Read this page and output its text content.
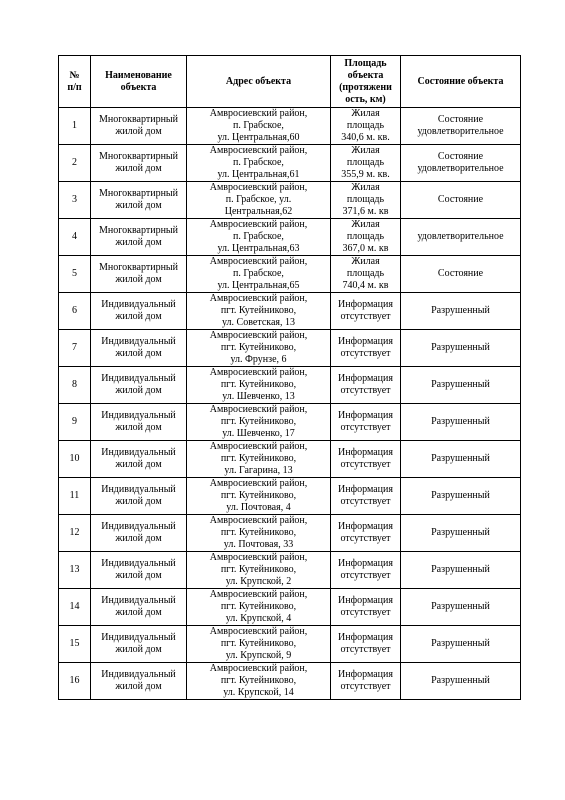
№
п/п	Наименование
объекта	Адрес объекта	Площадь
объекта
(протяжени
ость, км)	Состояние объекта

1	Многоквартирный
жилой дом	Амвросиевский район,
п. Грабское,
ул. Центральная,60	Жилая
площадь
340,6 м. кв.	Состояние
удовлетворительное

2	Многоквартирный
жилой дом	Амвросиевский район,
п. Грабское,
ул. Центральная,61	Жилая
площадь
355,9 м. кв.	Состояние
удовлетворительное

3	Многоквартирный
жилой дом	Амвросиевский район,
п. Грабское, ул.
Центральная,62	Жилая
площадь
371,6 м. кв	Состояние

4	Многоквартирный
жилой дом	Амвросиевский район,
п. Грабское,
ул. Центральная,63	Жилая
площадь
367,0 м. кв	удовлетворительное

5	Многоквартирный
жилой дом	Амвросиевский район,
п. Грабское,
ул. Центральная,65	Жилая
площадь
740,4 м. кв	Состояние

6	Индивидуальный
жилой дом	Амвросиевский район,
пгт. Кутейниково,
ул. Советская, 13	Информация
отсутствует	Разрушенный

7	Индивидуальный
жилой дом	Амвросиевский район,
пгт. Кутейниково,
ул. Фрунзе, 6	Информация
отсутствует	Разрушенный

8	Индивидуальный
жилой дом	Амвросиевский район,
пгт. Кутейниково,
ул. Шевченко, 13	Информация
отсутствует	Разрушенный

9	Индивидуальный
жилой дом	Амвросиевский район,
пгт. Кутейниково,
ул. Шевченко, 17	Информация
отсутствует	Разрушенный

10	Индивидуальный
жилой дом	Амвросиевский район,
пгт. Кутейниково,
ул. Гагарина, 13	Информация
отсутствует	Разрушенный

11	Индивидуальный
жилой дом	Амвросиевский район,
пгт. Кутейниково,
ул. Почтовая, 4	Информация
отсутствует	Разрушенный

12	Индивидуальный
жилой дом	Амвросиевский район,
пгт. Кутейниково,
ул. Почтовая, 33	Информация
отсутствует	Разрушенный

13	Индивидуальный
жилой дом	Амвросиевский район,
пгт. Кутейниково,
ул. Крупской, 2	Информация
отсутствует	Разрушенный

14	Индивидуальный
жилой дом	Амвросиевский район,
пгт. Кутейниково,
ул. Крупской, 4	Информация
отсутствует	Разрушенный

15	Индивидуальный
жилой дом	Амвросиевский район,
пгт. Кутейниково,
ул. Крупской, 9	Информация
отсутствует	Разрушенный

16	Индивидуальный
жилой дом	Амвросиевский район,
пгт. Кутейниково,
ул. Крупской, 14	Информация
отсутствует	Разрушенный
